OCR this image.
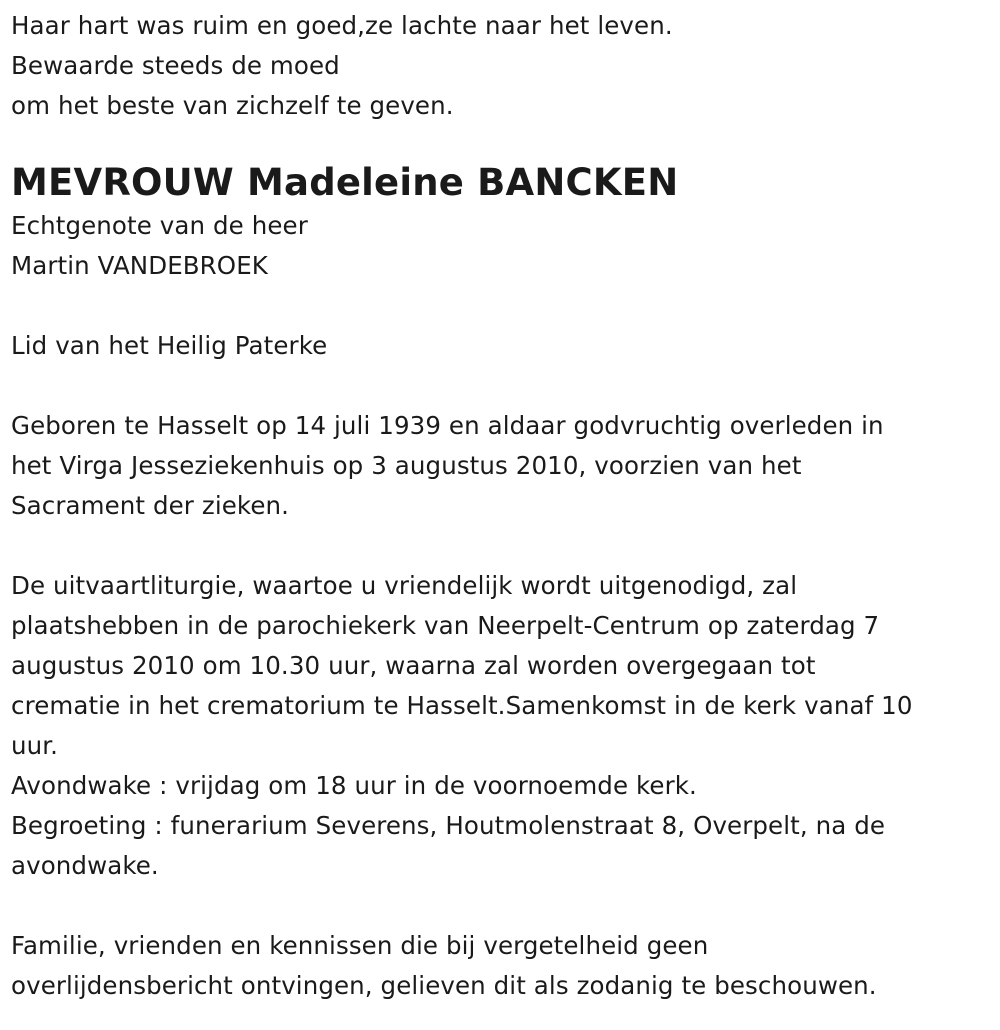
Haar hart was ruim en goed,ze lachte naar het leven.
Bewaarde steeds de moed
om het beste van zichzelf te geven.
MEVROUW Madeleine BANCKEN
Echtgenote van de heer
Martin VANDEBROEK
Lid van het Heilig Paterke
Geboren te Hasselt op 14 juli 1939 en aldaar godvruchtig overleden in
het Virga Jesseziekenhuis op 3 augustus 2010, voorzien van het
Sacrament der zieken.
De uitvaartliturgie, waartoe u vriendelijk wordt uitgenodigd, zal
plaatshebben in de parochiekerk van Neerpelt-Centrum op zaterdag 7
augustus 2010 om 10.30 uur, waarna zal worden overgegaan tot
crematie in het crematorium te Hasselt.Samenkomst in de kerk vanaf 10
uur.
Avondwake : vrijdag om 18 uur in de voornoemde kerk.
Begroeting : funerarium Severens, Houtmolenstraat 8, Overpelt, na de
avondwake.
Familie, vrienden en kennissen die bij vergetelheid geen
overlijdensbericht ontvingen, gelieven dit als zodanig te beschouwen.
